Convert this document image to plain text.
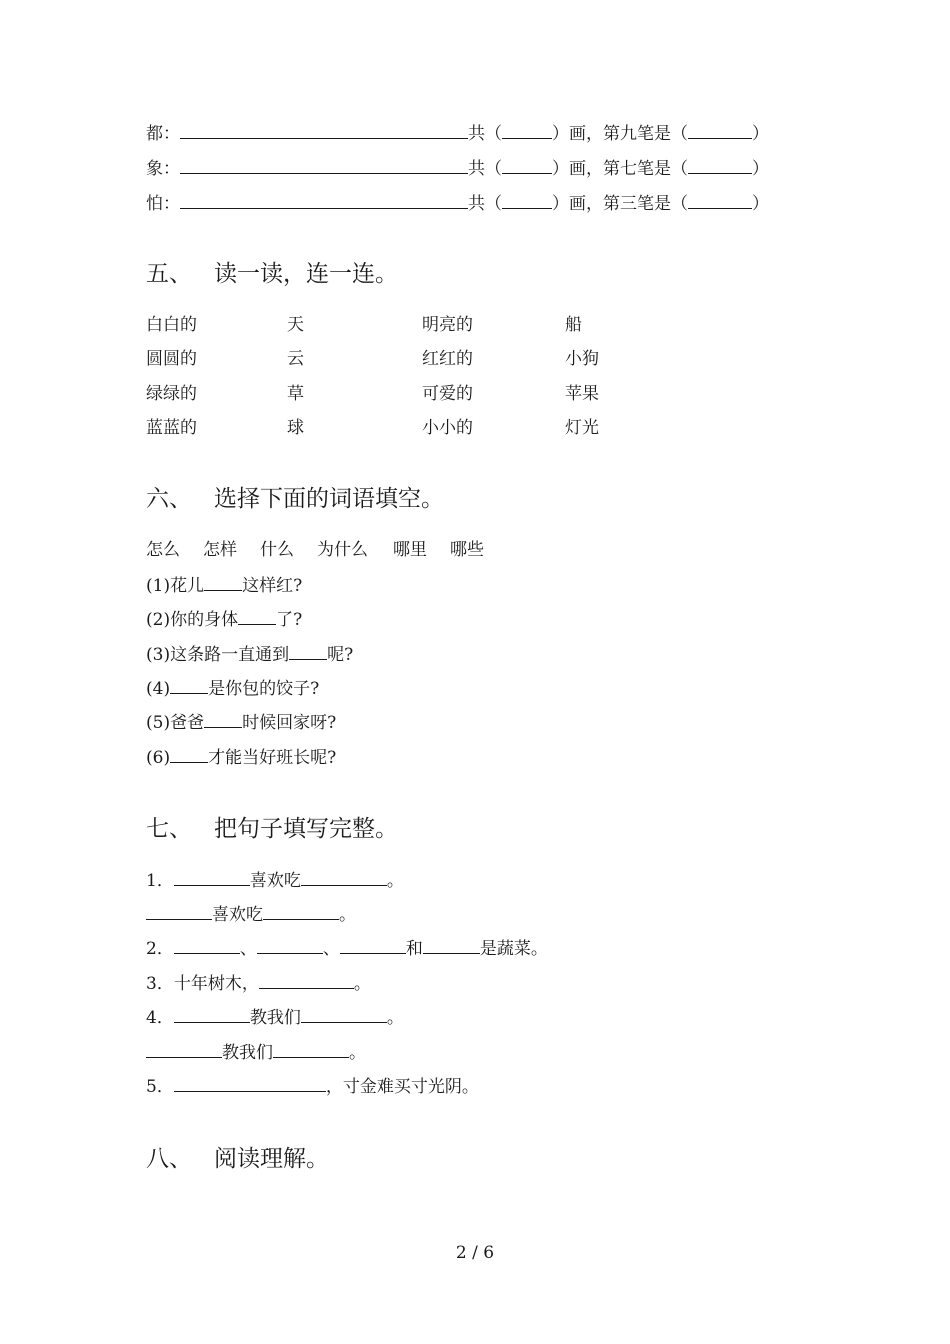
都：	共（	）画，第九笔是（	）
象：	共（	）画，第七笔是（	）
怕：	共（	）画，第三笔是（	）
五、 读一读，连一连。
白白的	天	明亮的	船
圆圆的	云	红红的	小狗
绿绿的	草	可爱的	苹果
蓝蓝的	球	小小的	灯光
六、 选择下面的词语填空。
怎么 怎样 什么 为什么 哪里 哪些
(1)花儿 这样红?
(2)你的身体 了?
(3)这条路一直通到 呢?
(4) 是你包的饺子?
(5)爸爸 时候回家呀?
(6) 才能当好班长呢?
七、 把句子填写完整。
1．	喜欢吃	。
喜欢吃	。
2．	、	、	和	是蔬菜。
3．十年树木，	。
4．	教我们	。
教我们	。
5．	，寸金难买寸光阴。
八、 阅读理解。
2 / 6
